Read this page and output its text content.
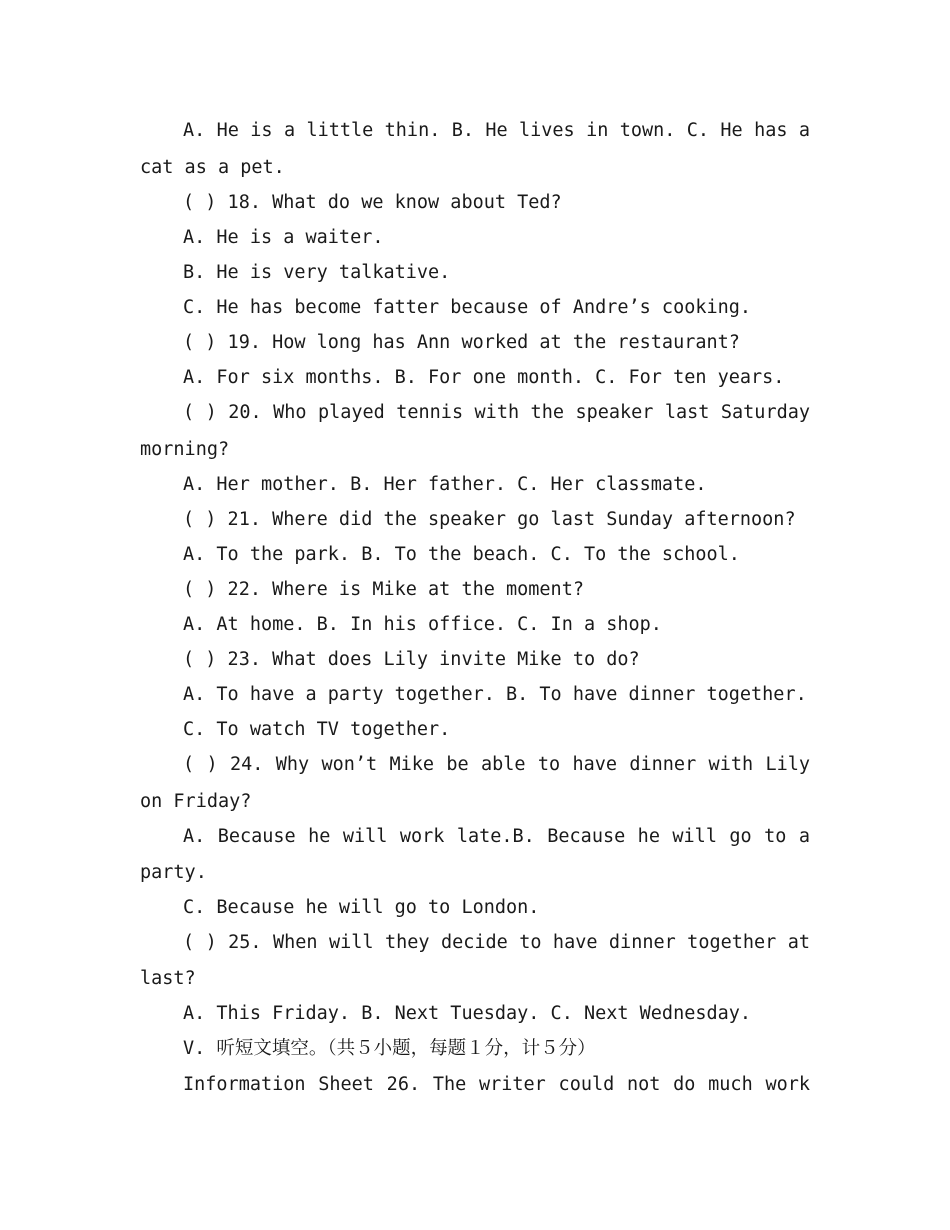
A. He is a little thin. B. He lives in town. C. He has a
cat as a pet.
( ) 18. What do we know about Ted?
A. He is a waiter.
B. He is very talkative.
C. He has become fatter because of Andre’s cooking.
( ) 19. How long has Ann worked at the restaurant?
A. For six months. B. For one month. C. For ten years.
( ) 20. Who played tennis with the speaker last Saturday
morning?
A. Her mother. B. Her father. C. Her classmate.
( ) 21. Where did the speaker go last Sunday afternoon?
A. To the park. B. To the beach. C. To the school.
( ) 22. Where is Mike at the moment?
A. At home. B. In his office. C. In a shop.
( ) 23. What does Lily invite Mike to do?
A. To have a party together. B. To have dinner together.
C. To watch TV together.
( ) 24. Why won’t Mike be able to have dinner with Lily
on Friday?
A. Because he will work late.B. Because he will go to a
party.
C. Because he will go to London.
( ) 25. When will they decide to have dinner together at
last?
A. This Friday. B. Next Tuesday. C. Next Wednesday.
V. 听短文填空。（共５小题，每题１分，计５分）
Information Sheet 26. The writer could not do much work
